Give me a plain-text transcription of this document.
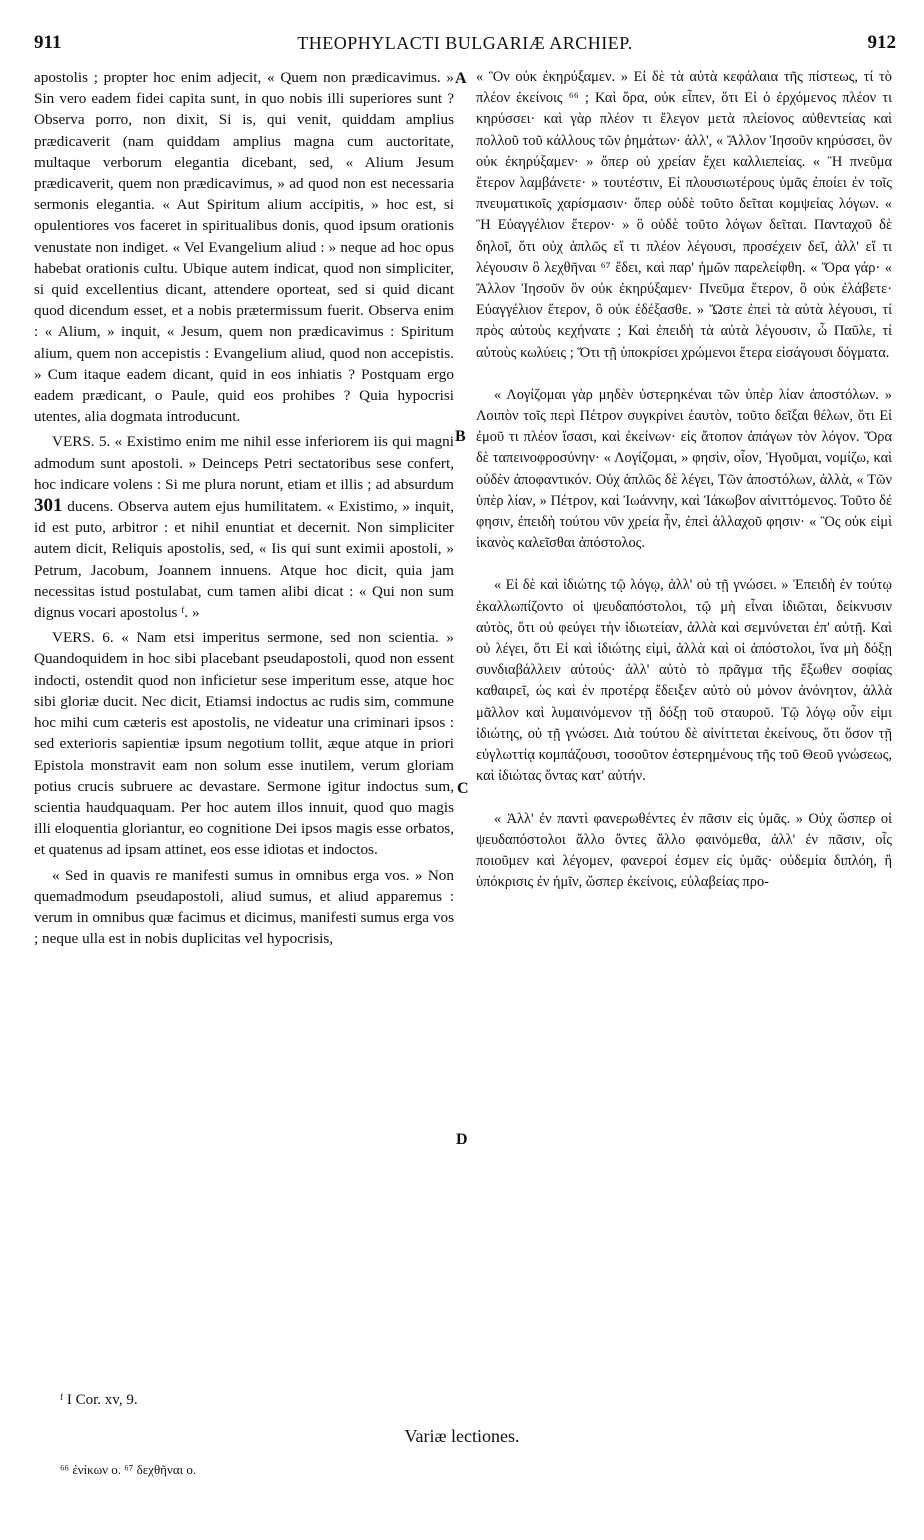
911	THEOPHYLACTI BULGARIÆ ARCHIEP.	912

apostolis ; propter hoc enim adjecit, « Quem non prædicavimus. » Sin vero eadem fidei capita sunt, in quo nobis illi superiores sunt ? Observa porro, non dixit, Si is, qui venit, quiddam amplius prædicaverit (nam quiddam amplius magna cum auctoritate, multaque verborum elegantia dicebant, sed, « Alium Jesum prædicaverit, quem non prædicavimus, » ad quod non est necessaria sermonis elegantia. « Aut Spiritum alium accipitis, » hoc est, si opulentiores vos faceret in spiritualibus donis, quod ipsum orationis venustate non indiget. « Vel Evangelium aliud : » neque ad hoc opus habebat orationis cultu. Ubique autem indicat, quod non simpliciter, si quid excellentius dicant, attendere oporteat, sed si quid dicant quod dicendum esset, et a nobis prætermissum fuerit. Observa enim : « Alium, » inquit, « Jesum, quem non prædicavimus : Spiritum alium, quem non accepistis : Evangelium aliud, quod non accepistis. » Cum itaque eadem dicant, quid in eos inhiatis ? Postquam ergo eadem prædicant, o Paule, quid eos prohibes ? Quia hypocrisi utentes, alia dogmata introducunt.

VERS. 5. « Existimo enim me nihil esse inferiorem iis qui magni admodum sunt apostoli. » Deinceps Petri sectatoribus sese confert, hoc indicare volens : Si me plura norunt, etiam et illis ; ad absurdum 301 ducens. Observa autem ejus humilitatem. « Existimo, » inquit, id est puto, arbitror : et nihil enuntiat et decernit. Non simpliciter autem dicit, Reliquis apostolis, sed, « Iis qui sunt eximii apostoli, » Petrum, Jacobum, Joannem innuens. Atque hoc dicit, quia jam necessitas istud postulabat, cum tamen alibi dicat : « Qui non sum dignus vocari apostolus ᶠ. »

VERS. 6. « Nam etsi imperitus sermone, sed non scientia. » Quandoquidem in hoc sibi placebant pseudapostoli, quod non essent indocti, ostendit quod non inficietur sese imperitum esse, atque hoc sibi gloriæ ducit. Nec dicit, Etiamsi indoctus ac rudis sim, commune hoc mihi cum cæteris est apostolis, ne videatur una criminari ipsos : sed exterioris sapientiæ ipsum negotium tollit, æque atque in priori Epistola monstravit eam non solum esse inutilem, verum gloriam potius crucis subruere ac devastare. Sermone igitur indoctus sum, scientia haudquaquam. Per hoc autem illos innuit, quod quo magis illi eloquentia gloriantur, eo cognitione Dei ipsos magis esse orbatos, et quatenus ad ipsam attinet, eos esse idiotas et indoctos.

« Sed in quavis re manifesti sumus in omnibus erga vos. » Non quemadmodum pseudapostoli, aliud sumus, et aliud apparemus : verum in omnibus quæ facimus et dicimus, manifesti sumus erga vos ; neque ulla est in nobis duplicitas vel hypocrisis,

A
B
C
D

« Ὃν οὐκ ἐκηρύξαμεν. » Εἰ δὲ τὰ αὐτὰ κεφάλαια τῆς πίστεως, τί τὸ πλέον ἐκείνοις ⁶⁶ ; Καὶ ὅρα, οὐκ εἶπεν, ὅτι Εἰ ὁ ἐρχόμενος πλέον τι κηρύσσει· καὶ γὰρ πλέον τι ἔλεγον μετὰ πλείονος αὐθεντείας καὶ πολλοῦ τοῦ κάλλους τῶν ῥημάτων· ἀλλ', « Ἄλλον Ἰησοῦν κηρύσσει, ὃν οὐκ ἐκηρύξαμεν· » ὅπερ οὐ χρείαν ἔχει καλλιεπείας. « Ἢ πνεῦμα ἕτερον λαμβάνετε· » τουτέστιν, Εἰ πλουσιωτέρους ὑμᾶς ἐποίει ἐν τοῖς πνευματικοῖς χαρίσμασιν· ὅπερ οὐδὲ τοῦτο δεῖται κομψείας λόγων. « Ἢ Εὐαγγέλιον ἕτερον· » ὃ οὐδὲ τοῦτο λόγων δεῖται. Πανταχοῦ δὲ δηλοῖ, ὅτι οὐχ ἁπλῶς εἴ τι πλέον λέγουσι, προσέχειν δεῖ, ἀλλ' εἴ τι λέγουσιν ὃ λεχθῆναι ⁶⁷ ἔδει, καὶ παρ' ἡμῶν παρελείφθη. « Ὅρα γάρ· « Ἄλλον Ἰησοῦν ὃν οὐκ ἐκηρύξαμεν· Πνεῦμα ἕτερον, ὃ οὐκ ἐλάβετε· Εὐαγγέλιον ἕτερον, ὃ οὐκ ἐδέξασθε. » Ὥστε ἐπεὶ τὰ αὐτὰ λέγουσι, τί πρὸς αὐτοὺς κεχήνατε ; Καὶ ἐπειδὴ τὰ αὐτὰ λέγουσιν, ὦ Παῦλε, τί αὐτοὺς κωλύεις ; Ὅτι τῇ ὑποκρίσει χρώμενοι ἕτερα εἰσάγουσι δόγματα.

« Λογίζομαι γὰρ μηδὲν ὑστερηκέναι τῶν ὑπὲρ λίαν ἀποστόλων. » Λοιπὸν τοῖς περὶ Πέτρον συγκρίνει ἑαυτὸν, τοῦτο δεῖξαι θέλων, ὅτι Εἰ ἐμοῦ τι πλέον ἴσασι, καὶ ἐκείνων· εἰς ἄτοπον ἀπάγων τὸν λόγον. Ὅρα δὲ ταπεινοφροσύνην· « Λογίζομαι, » φησὶν, οἷον, Ἡγοῦμαι, νομίζω, καὶ οὐδὲν ἀποφαντικόν. Οὐχ ἁπλῶς δὲ λέγει, Τῶν ἀποστόλων, ἀλλὰ, « Τῶν ὑπὲρ λίαν, » Πέτρον, καὶ Ἰωάννην, καὶ Ἰάκωβον αἰνιττόμενος. Τοῦτο δέ φησιν, ἐπειδὴ τούτου νῦν χρεία ἦν, ἐπεὶ ἀλλαχοῦ φησιν· « Ὃς οὐκ εἰμὶ ἱκανὸς καλεῖσθαι ἀπόστολος.

« Εἰ δὲ καὶ ἰδιώτης τῷ λόγῳ, ἀλλ' οὐ τῇ γνώσει. » Ἐπειδὴ ἐν τούτῳ ἐκαλλωπίζοντο οἱ ψευδαπόστολοι, τῷ μὴ εἶναι ἰδιῶται, δείκνυσιν αὐτὸς, ὅτι οὐ φεύγει τὴν ἰδιωτείαν, ἀλλὰ καὶ σεμνύνεται ἐπ' αὐτῇ. Καὶ οὐ λέγει, ὅτι Εἰ καὶ ἰδιώτης εἰμὶ, ἀλλὰ καὶ οἱ ἀπόστολοι, ἵνα μὴ δόξῃ συνδιαβάλλειν αὐτούς· ἀλλ' αὐτὸ τὸ πρᾶγμα τῆς ἔξωθεν σοφίας καθαιρεῖ, ὡς καὶ ἐν προτέρᾳ ἔδειξεν αὐτὸ οὐ μόνον ἀνόνητον, ἀλλὰ μᾶλλον καὶ λυμαινόμενον τῇ δόξῃ τοῦ σταυροῦ. Τῷ λόγῳ οὖν εἰμι ἰδιώτης, οὐ τῇ γνώσει. Διὰ τούτου δὲ αἰνίττεται ἐκείνους, ὅτι ὅσον τῇ εὐγλωττίᾳ κομπάζουσι, τοσοῦτον ἐστερημένους τῆς τοῦ Θεοῦ γνώσεως, καὶ ἰδιώτας ὄντας κατ' αὐτήν.

« Ἀλλ' ἐν παντὶ φανερωθέντες ἐν πᾶσιν εἰς ὑμᾶς. » Οὐχ ὥσπερ οἱ ψευδαπόστολοι ἄλλο ὄντες ἄλλο φαινόμεθα, ἀλλ' ἐν πᾶσιν, οἷς ποιοῦμεν καὶ λέγομεν, φανεροί ἐσμεν εἰς ὑμᾶς· οὐδεμία διπλόη, ἢ ὑπόκρισις ἐν ἡμῖν, ὥσπερ ἐκείνοις, εὐλαβείας προ-

ᶠ I Cor. xv, 9.
Variæ lectiones.
⁶⁶ ἐνίκων ο. ⁶⁷ δεχθῆναι ο.
